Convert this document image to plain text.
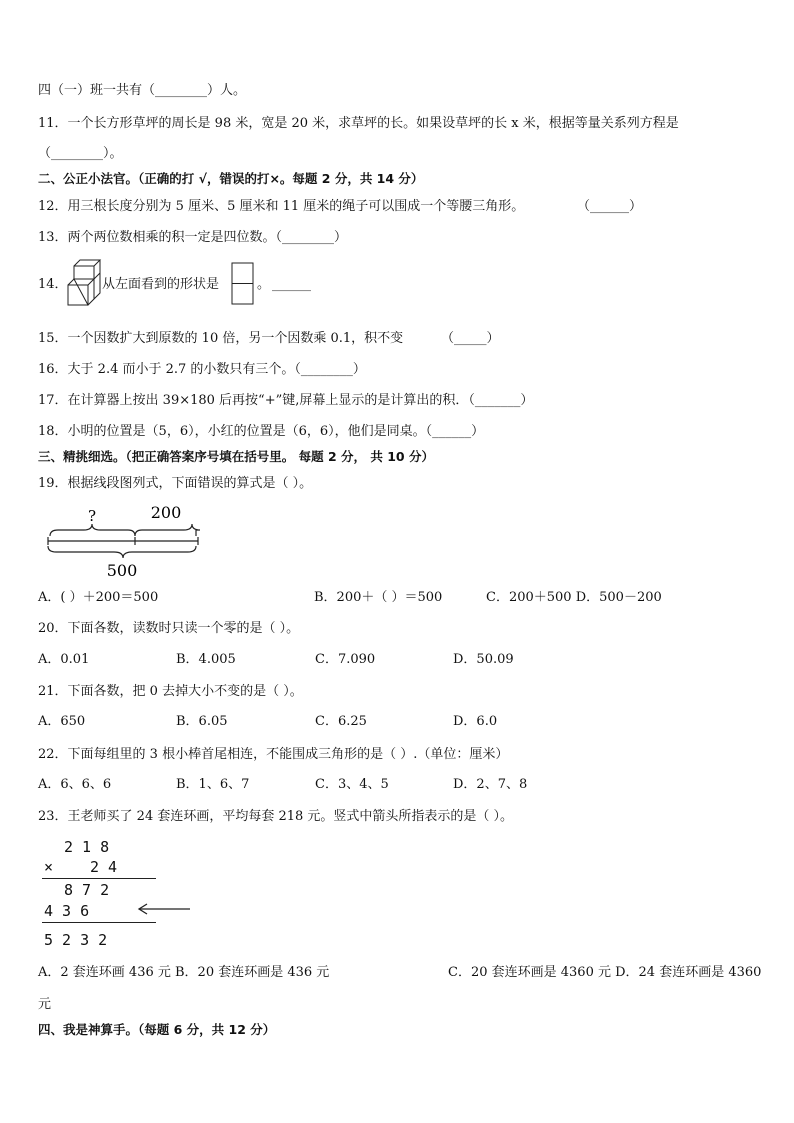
四（一）班一共有（________）人。
11．一个长方形草坪的周长是 98 米，宽是 20 米，求草坪的长。如果设草坪的长 x 米，根据等量关系列方程是
（________）。
二、公正小法官。（正确的打 √，错误的打×。每题 2 分，共 14 分）
12．用三根长度分别为 5 厘米、5 厘米和 11 厘米的绳子可以围成一个等腰三角形。	（______）
13．两个两位数相乘的积一定是四位数。（________）
14．	从左面看到的形状是	。 ______
15．一个因数扩大到原数的 10 倍，另一个因数乘 0.1，积不变	（_____）
16．大于 2.4 而小于 2.7 的小数只有三个。（________）
17．在计算器上按出 39×180 后再按“+”键,屏幕上显示的是计算出的积．（_______）
18．小明的位置是（5，6），小红的位置是（6，6），他们是同桌。（______）
三、精挑细选。（把正确答案序号填在括号里。 每题 2 分， 共 10 分）
19．根据线段图列式，下面错误的算式是（ ）。
?	200
500
A．( ）＋200＝500	B．200＋（ ）＝500	C．200＋500 D．500－200
20．下面各数，读数时只读一个零的是（ ）。
A．0.01	B．4.005	C．7.090	D．50.09
21．下面各数，把 0 去掉大小不变的是（ ）。
A．650	B．6.05	C．6.25	D．6.0
22．下面每组里的 3 根小棒首尾相连，不能围成三角形的是（ ）.（单位：厘米）
A．6、6、6	B．1、6、7	C．3、4、5	D．2、7、8
23．王老师买了 24 套连环画，平均每套 218 元。竖式中箭头所指表示的是（ ）。
2 1 8
× 2 4
8 7 2
4 3 6
5 2 3 2
A．2 套连环画 436 元 B．20 套连环画是 436 元	C．20 套连环画是 4360 元 D．24 套连环画是 4360
元
四、我是神算手。（每题 6 分，共 12 分）
